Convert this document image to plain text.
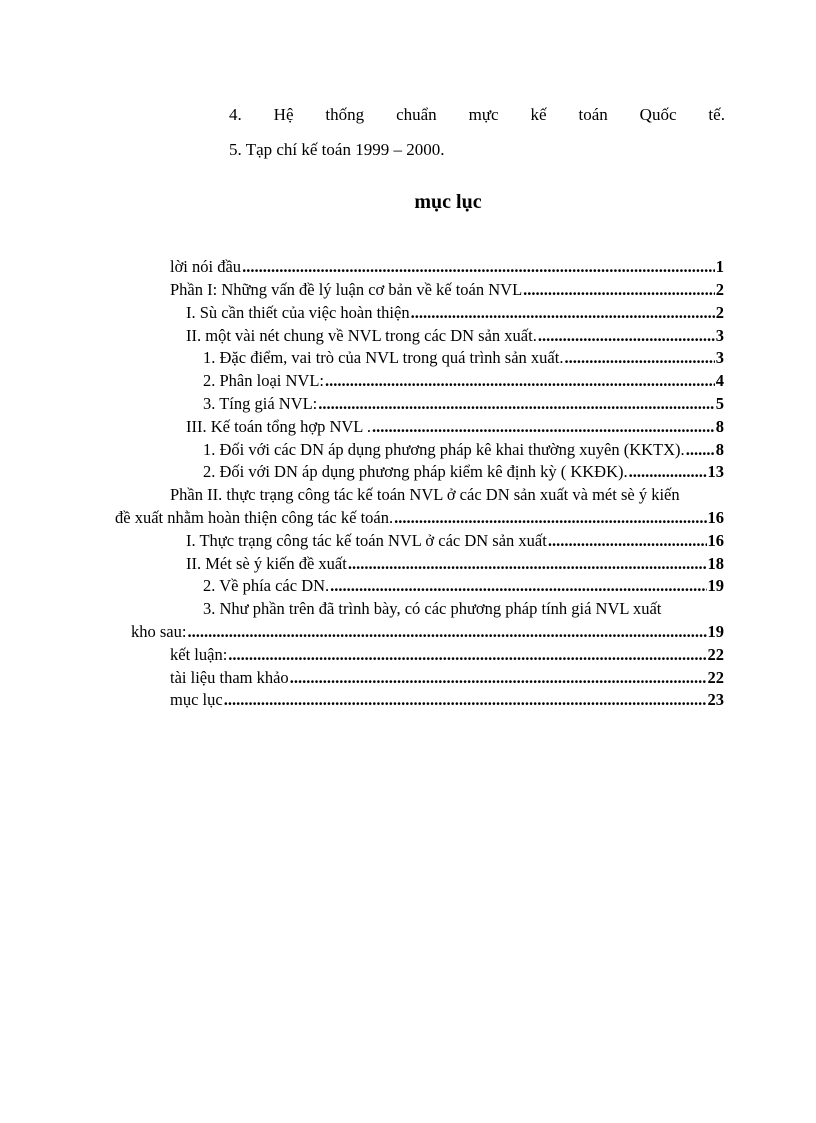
4. Hệ thống chuẩn mực kế toán Quốc tế.
5. Tạp chí kế toán 1999 – 2000.
mục lục
lời nói đầu .....	1
Phần I: Những vấn đề lý luận cơ bản về kế toán NVL .....	2
I. Sù cần thiết của việc hoàn thiện .....	2
II. một vài nét chung về NVL trong các DN sản xuất. .....	3
1. Đặc điểm, vai trò của NVL trong quá trình sản xuất. .....	3
2. Phân loại NVL: .....	4
3. Tíng giá NVL: .....	5
III. Kế toán tổng hợp NVL . .....	8
1. Đối với các DN áp dụng phương pháp kê khai thường xuyên (KKTX). ..... 8
2. Đối với DN áp dụng phương pháp kiểm kê định kỳ ( KKĐK). .....	13
Phần II. thực trạng công tác kế toán NVL ở các DN sản xuất và mét sè ý kiến
đề xuất nhằm hoàn thiện công tác kế toán. .....	16
I. Thực trạng công tác kế toán NVL ở các DN sản xuất .....	16
II. Mét sè ý kiến đề xuất .....	18
2. Về phía các DN. .....	19
3. Như phần trên đã trình bày, có các phương pháp tính giá NVL xuất
kho sau: .....	19
kết luận: .....	22
tài liệu tham khảo .....	22
mục lục .....	23
